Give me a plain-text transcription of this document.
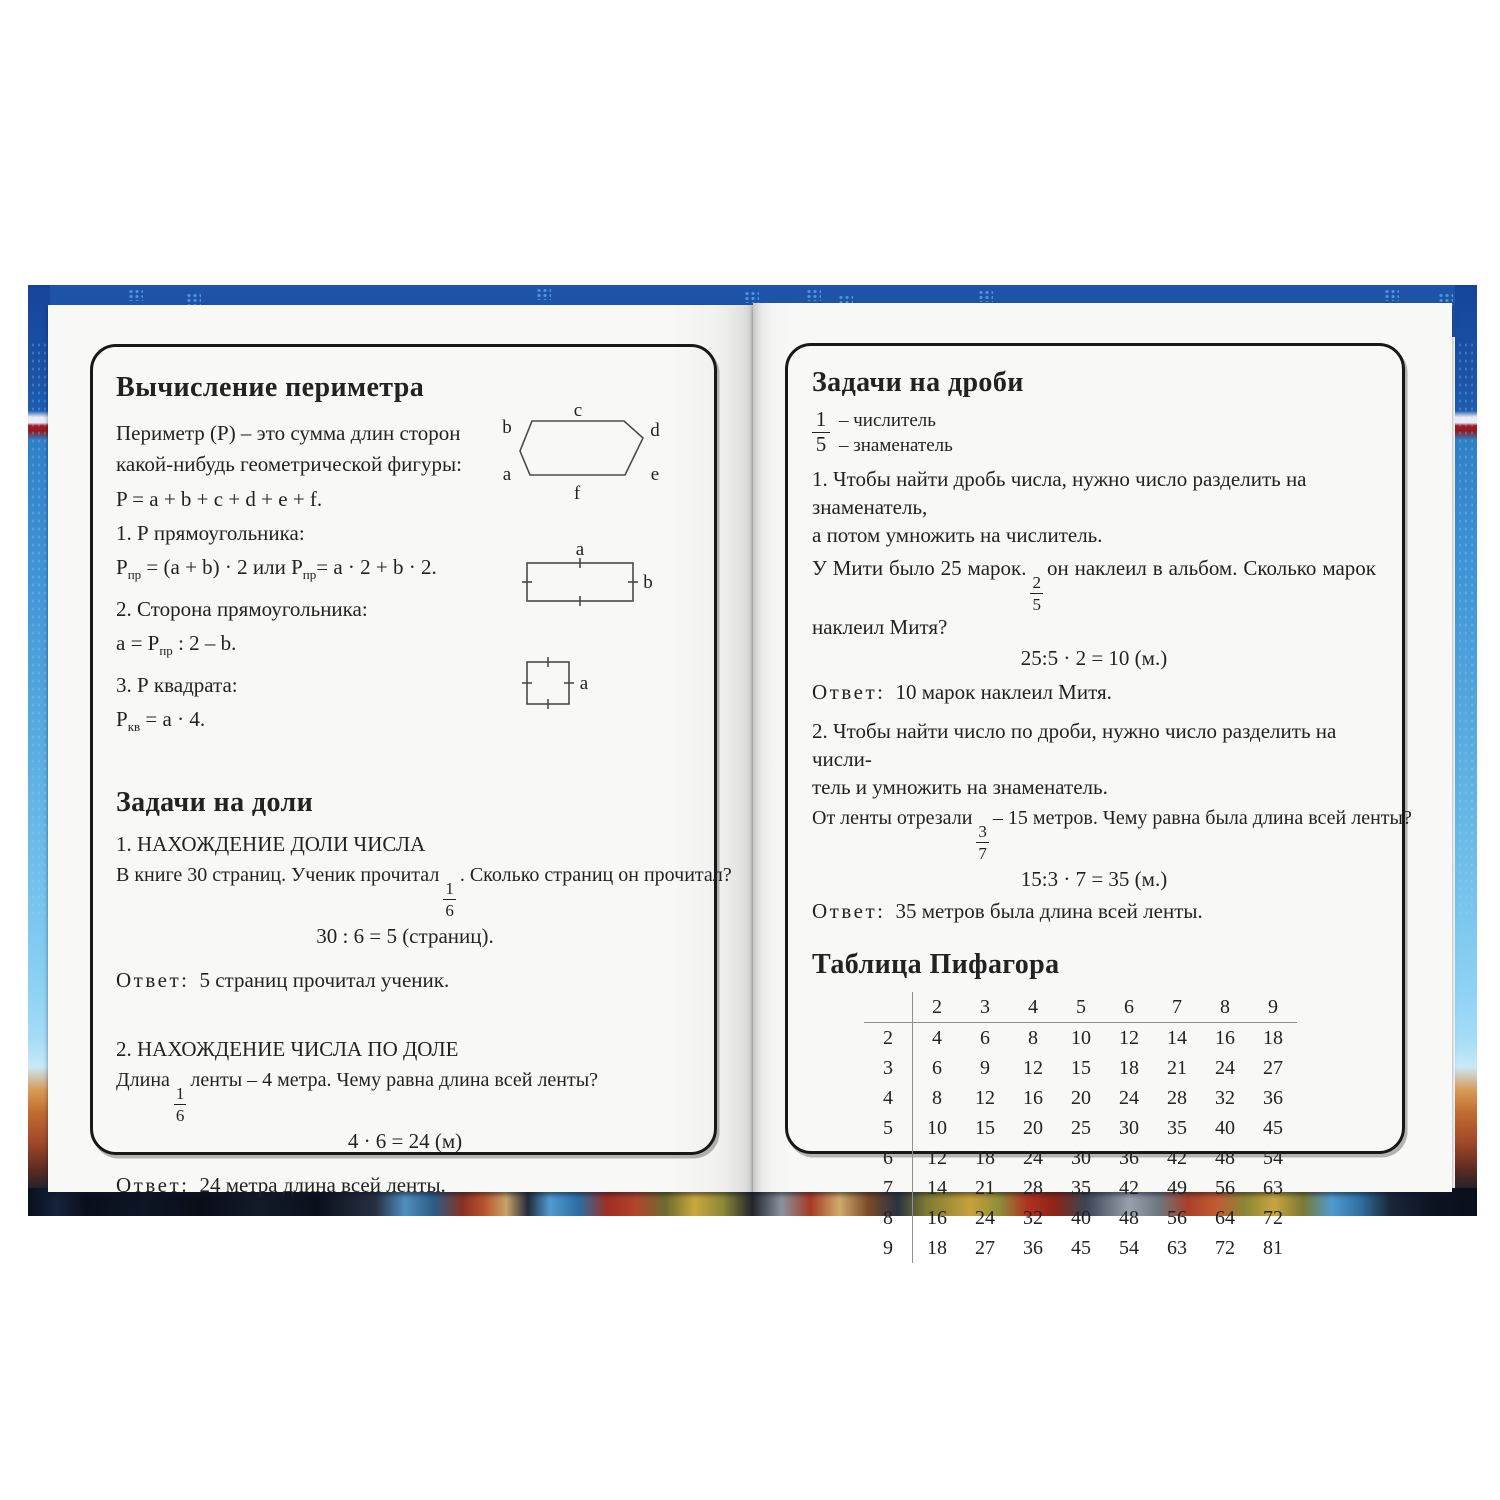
Вычисление периметра

Периметр (Р) – это сумма длин сторон
какой-нибудь геометрической фигуры:

P = a + b + c + d + e + f.
1. Р прямоугольника:
$Р_{пр} = (a + b) \cdot 2$ или $Р_{пр}= a \cdot 2 + b \cdot 2$.
2. Сторона прямоугольника:
$a = Р_{пр}$ : 2 – b.
3. Р квадрата:
$Р_{кв} = a \cdot 4$.
c
b	d
a	e
f
a
b
a
Задачи на доли
1. НАХОЖДЕНИЕ ДОЛИ ЧИСЛА
В книге 30 страниц. Ученик прочитал
$\frac{1}{6}$
. Сколько страниц он прочитал?
30 : 6 = 5 (страниц).
Ответ: 5 страниц прочитал ученик.
2. НАХОЖДЕНИЕ ЧИСЛА ПО ДОЛЕ
Длина
$\frac{1}{6}$
ленты – 4 метра. Чему равна длина всей ленты?
4 · 6 = 24 (м)
Ответ: 24 метра длина всей ленты.
Задачи на дроби
1 – числитель
5 – знаменатель
1. Чтобы найти дробь числа, нужно число разделить на знаменатель,
а потом умножить на числитель.
У Мити было 25 марок.
$\frac{2}{5}$
он наклеил в альбом. Сколько марок
наклеил Митя?
25:5 · 2 = 10 (м.)
Ответ: 10 марок наклеил Митя.
2. Чтобы найти число по дроби, нужно число разделить на числи-
тель и умножить на знаменатель.
От ленты отрезали
$\frac{3}{7}$
– 15 метров. Чему равна была длина всей ленты?
15:3 · 7 = 35 (м.)
Ответ: 35 метров была длина всей ленты.
Таблица Пифагора
	2	3	4	5	6	7	8	9
2	4	6	8	10	12	14	16	18
3	6	9	12	15	18	21	24	27
4	8	12	16	20	24	28	32	36
5	10	15	20	25	30	35	40	45
6	12	18	24	30	36	42	48	54
7	14	21	28	35	42	49	56	63
8	16	24	32	40	48	56	64	72
9	18	27	36	45	54	63	72	81
